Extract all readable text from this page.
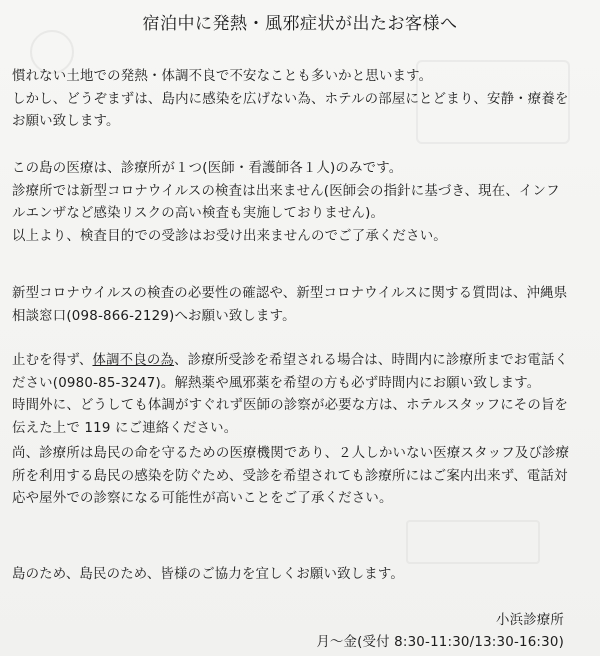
宿泊中に発熱・風邪症状が出たお客様へ
慣れない土地での発熱・体調不良で不安なことも多いかと思います。
しかし、どうぞまずは、島内に感染を広げない為、ホテルの部屋にとどまり、安静・療養を
お願い致します。
この島の医療は、診療所が１つ(医師・看護師各１人)のみです。
診療所では新型コロナウイルスの検査は出来ません(医師会の指針に基づき、現在、インフ
ルエンザなど感染リスクの高い検査も実施しておりません)。
以上より、検査目的での受診はお受け出来ませんのでご了承ください。
新型コロナウイルスの検査の必要性の確認や、新型コロナウイルスに関する質問は、沖縄県
相談窓口(098-866-2129)へお願い致します。
止むを得ず、体調不良の為、診療所受診を希望される場合は、時間内に診療所までお電話く
ださい(0980-85-3247)。解熱薬や風邪薬を希望の方も必ず時間内にお願い致します。
時間外に、どうしても体調がすぐれず医師の診察が必要な方は、ホテルスタッフにその旨を
伝えた上で 119 にご連絡ください。
尚、診療所は島民の命を守るための医療機関であり、２人しかいない医療スタッフ及び診療
所を利用する島民の感染を防ぐため、受診を希望されても診療所にはご案内出来ず、電話対
応や屋外での診察になる可能性が高いことをご了承ください。
島のため、島民のため、皆様のご協力を宜しくお願い致します。
小浜診療所
月～金(受付 8:30-11:30/13:30-16:30)
